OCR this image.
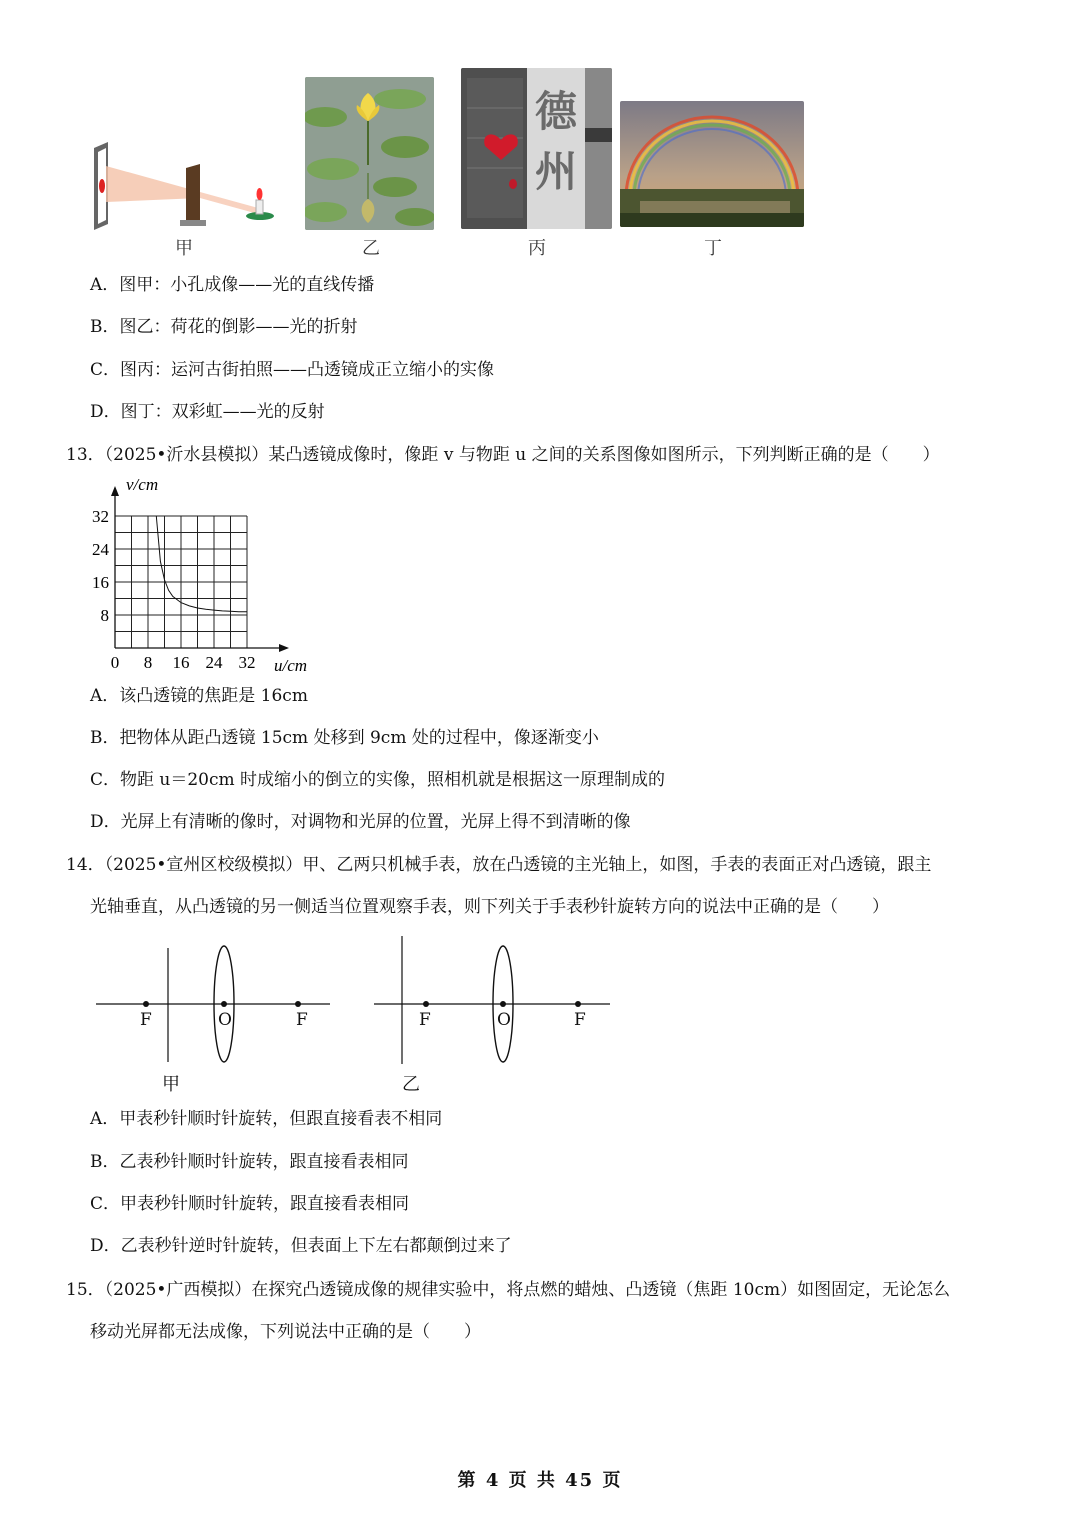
甲	乙
德州
丙	丁
A．图甲：小孔成像——光的直线传播
B．图乙：荷花的倒影——光的折射
C．图丙：运河古街拍照——凸透镜成正立缩小的实像
D．图丁：双彩虹——光的反射
13．（2025•沂水县模拟）某凸透镜成像时，像距 v 与物距 u 之间的关系图像如图所示，下列判断正确的是（　　）
0 8 16 24 32
8
16
24
32
v/cm
u/cm
A．该凸透镜的焦距是 16cm
B．把物体从距凸透镜 15cm 处移到 9cm 处的过程中，像逐渐变小
C．物距 u＝20cm 时成缩小的倒立的实像，照相机就是根据这一原理制成的
D．光屏上有清晰的像时，对调物和光屏的位置，光屏上得不到清晰的像
14．（2025•宣州区校级模拟）甲、乙两只机械手表，放在凸透镜的主光轴上，如图，手表的表面正对凸透镜，跟主
光轴垂直，从凸透镜的另一侧适当位置观察手表，则下列关于手表秒针旋转方向的说法中正确的是（　　）
F	O	F
甲
F	O	F
乙
A．甲表秒针顺时针旋转，但跟直接看表不相同
B．乙表秒针顺时针旋转，跟直接看表相同
C．甲表秒针顺时针旋转，跟直接看表相同
D．乙表秒针逆时针旋转，但表面上下左右都颠倒过来了
15．（2025•广西模拟）在探究凸透镜成像的规律实验中，将点燃的蜡烛、凸透镜（焦距 10cm）如图固定，无论怎么
移动光屏都无法成像，下列说法中正确的是（　　）
第 4 页 共 45 页
